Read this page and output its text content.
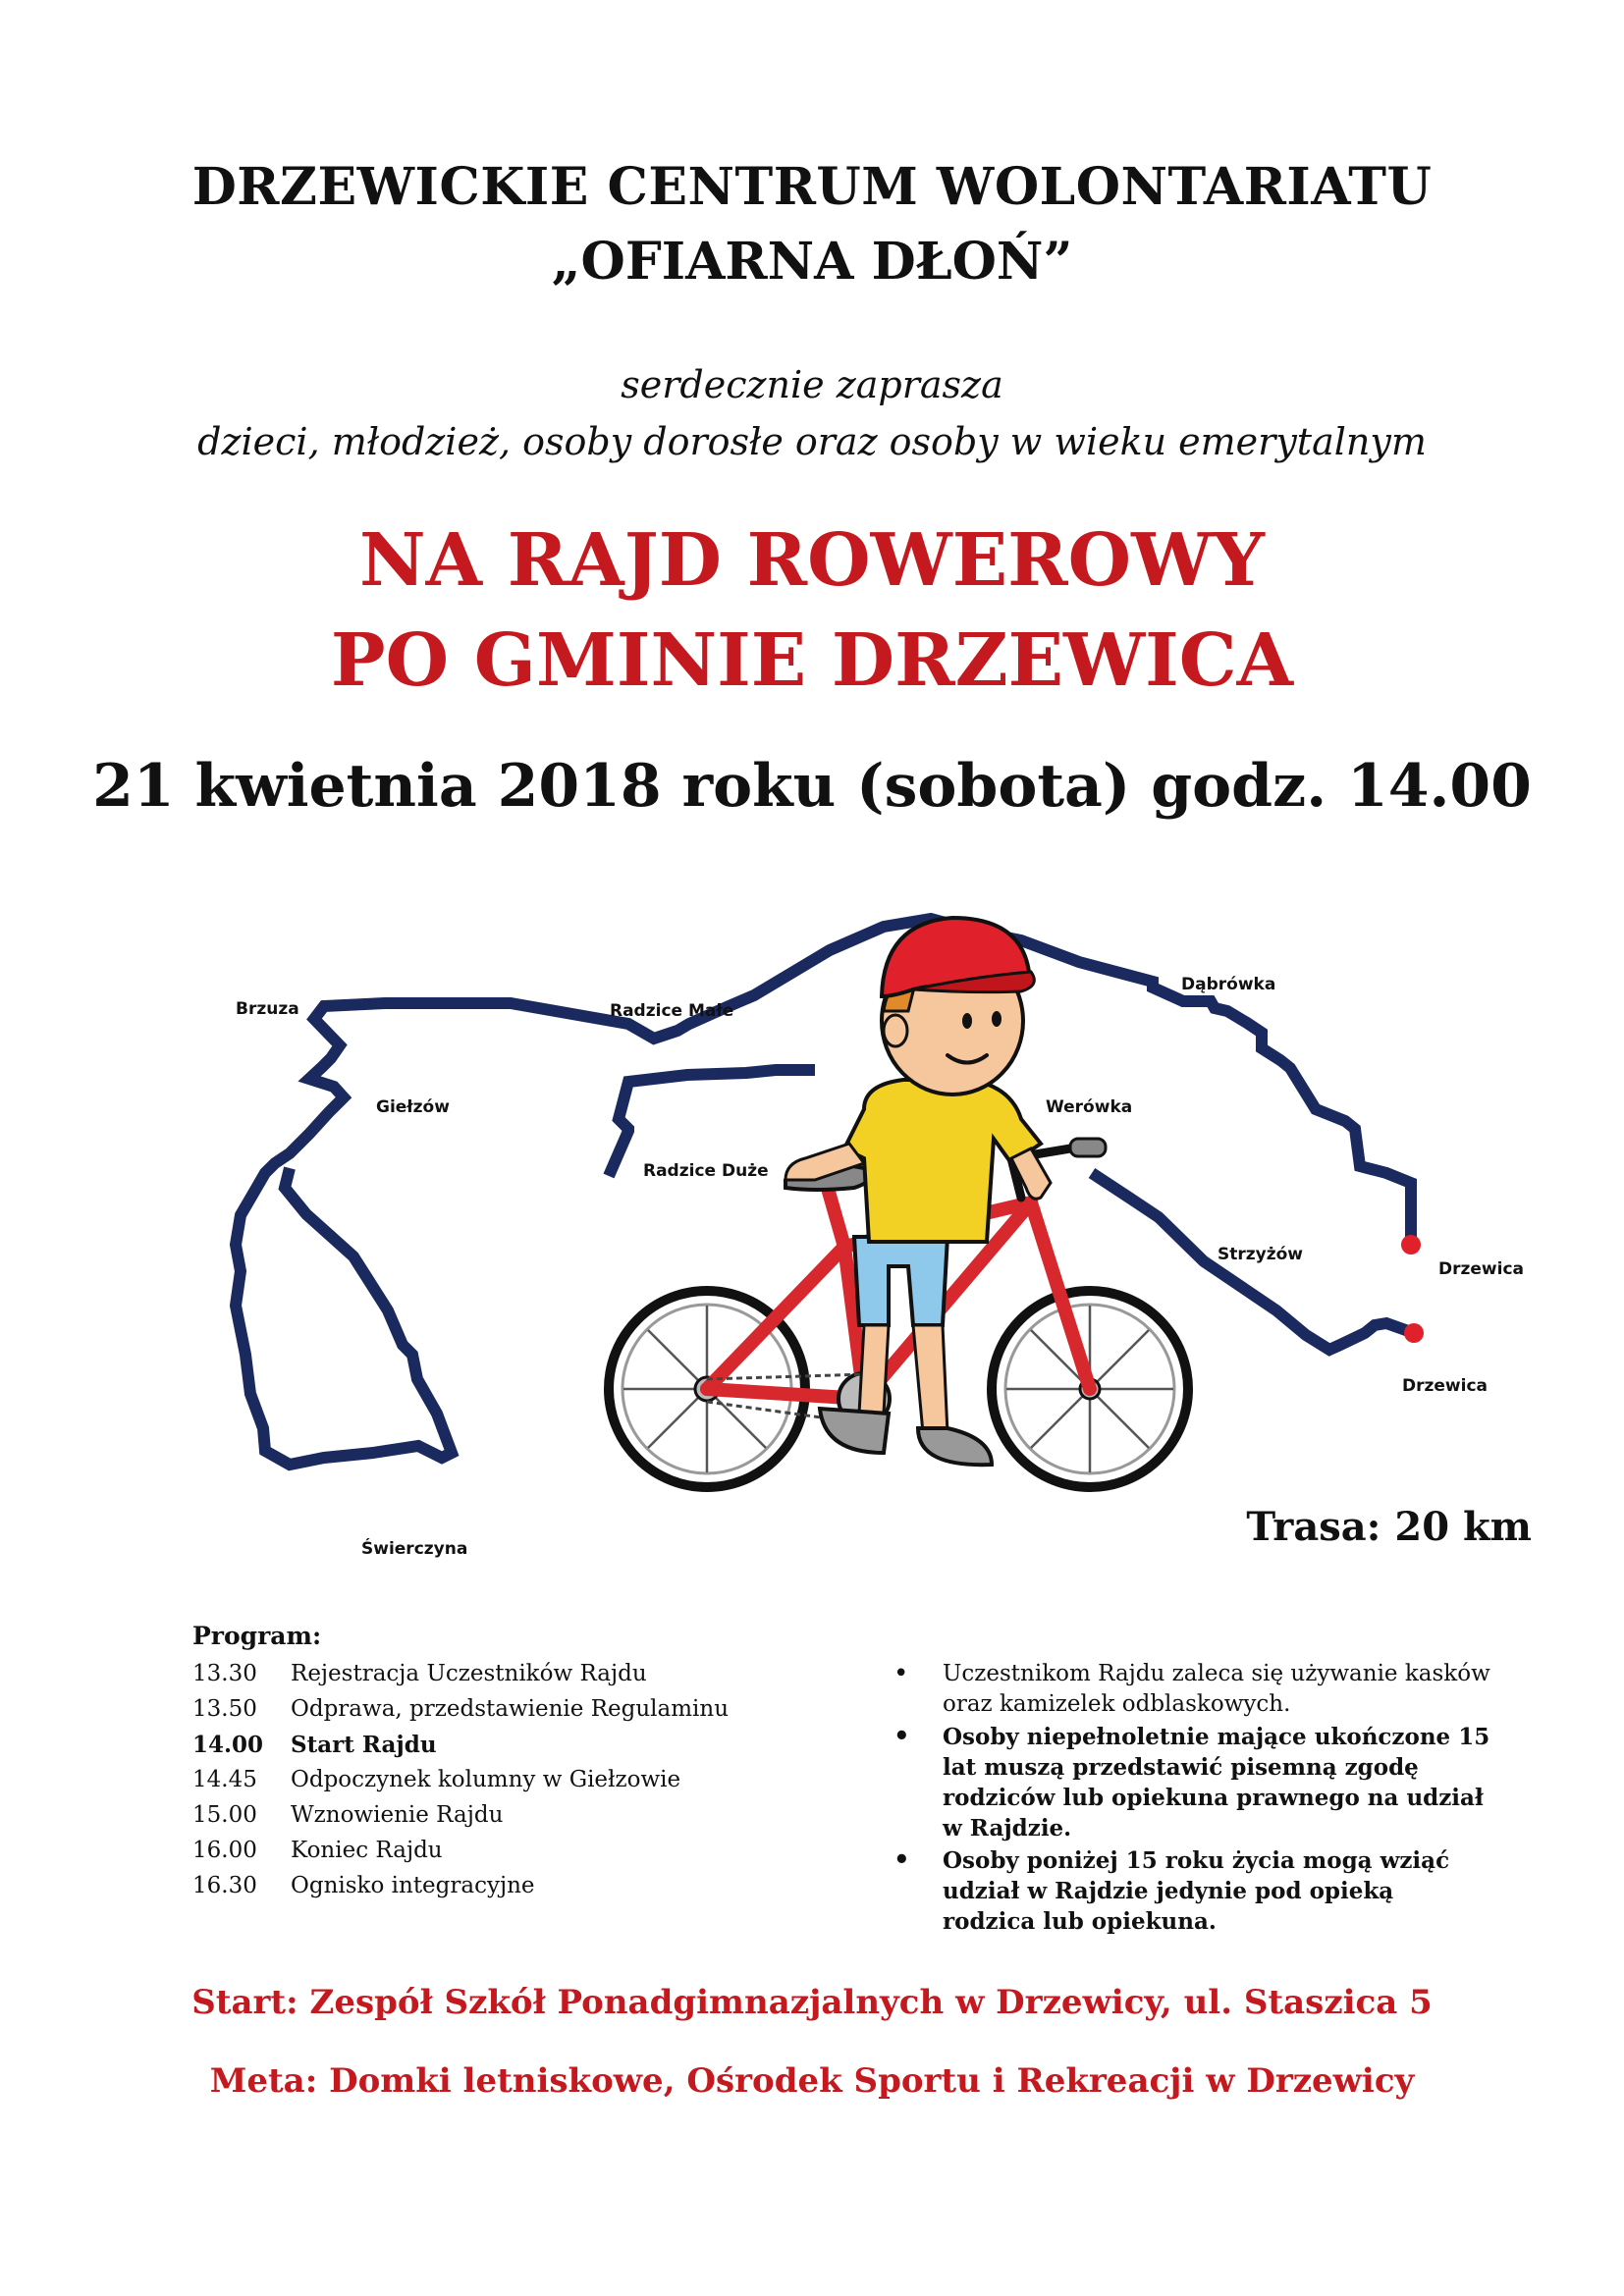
DRZEWICKIE CENTRUM WOLONTARIATU
„OFIARNA DŁOŃ”
serdecznie zaprasza
dzieci, młodzież, osoby dorosłe oraz osoby w wieku emerytalnym
NA RAJD ROWEROWY
PO GMINIE DRZEWICA
21 kwietnia 2018 roku (sobota) godz. 14.00
Brzuza	Radzice Małe
Dąbrówka
Giełzów	Werówka
Radzice Duże
Strzyżów
Drzewica
Drzewica
Świerczyna	Trasa: 20 km
Program:
13.30	Rejestracja Uczestników Rajdu
13.50	Odprawa, przedstawienie Regulaminu
14.00	Start Rajdu
14.45	Odpoczynek kolumny w Giełzowie
15.00	Wznowienie Rajdu
16.00	Koniec Rajdu
16.30	Ognisko integracyjne
• Uczestnikom Rajdu zaleca się używanie kasków oraz kamizelek odblaskowych.
• Osoby niepełnoletnie mające ukończone 15 lat muszą przedstawić pisemną zgodę rodziców lub opiekuna prawnego na udział w Rajdzie.
• Osoby poniżej 15 roku życia mogą wziąć udział w Rajdzie jedynie pod opieką rodzica lub opiekuna.
Start: Zespół Szkół Ponadgimnazjalnych w Drzewicy, ul. Staszica 5
Meta: Domki letniskowe, Ośrodek Sportu i Rekreacji w Drzewicy
